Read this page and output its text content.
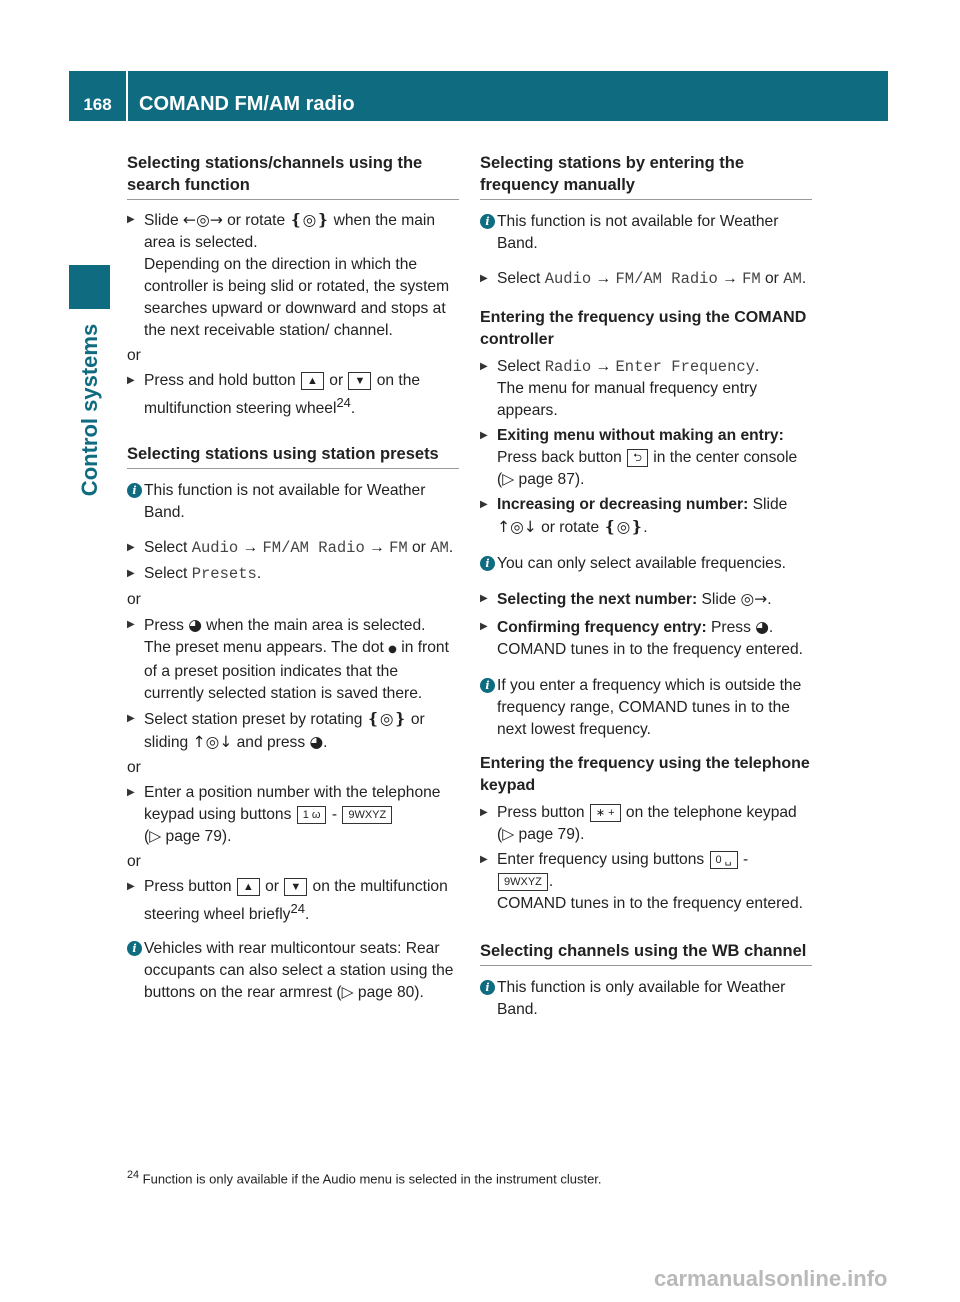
168	COMAND FM/AM radio
Control systems
Selecting stations/channels using the search function

▶ Slide ←◎→ or rotate ❴◎❵ when the main area is selected.
Depending on the direction in which the controller is being slid or rotated, the system searches upward or downward and stops at the next receivable station/ channel.

or

▶ Press and hold button ▲ or ▼ on the multifunction steering wheel$^{24}$.

Selecting stations using station presets

i This function is not available for Weather Band.

▶ Select Audio → FM/AM Radio → FM or AM.

▶ Select Presets.

or

▶ Press ◕ when the main area is selected.
The preset menu appears. The dot ● in front of a preset position indicates that the currently selected station is saved there.

▶ Select station preset by rotating ❴◎❵ or sliding ↑◎↓ and press ◕.

or

▶ Enter a position number with the telephone keypad using buttons 1 ω - 9WXYZ
(▷ page 79).

or

▶ Press button ▲ or ▼ on the multifunction steering wheel briefly$^{24}$.

i Vehicles with rear multicontour seats: Rear occupants can also select a station using the buttons on the rear armrest (▷ page 80).

Selecting stations by entering the frequency manually

i This function is not available for Weather Band.

▶ Select Audio → FM/AM Radio → FM or AM.

Entering the frequency using the COMAND controller

▶ Select Radio → Enter Frequency.
The menu for manual frequency entry appears.

▶ Exiting menu without making an entry:
Press back button ⮌ in the center console (▷ page 87).

▶ Increasing or decreasing number: Slide
↑◎↓ or rotate ❴◎❵.

i You can only select available frequencies.

▶ Selecting the next number: Slide ◎→.

▶ Confirming frequency entry: Press ◕.
COMAND tunes in to the frequency entered.

i If you enter a frequency which is outside the frequency range, COMAND tunes in to the next lowest frequency.

Entering the frequency using the telephone keypad

▶ Press button ∗ + on the telephone keypad (▷ page 79).

▶ Enter frequency using buttons 0 ␣ -
9WXYZ .
COMAND tunes in to the frequency entered.

Selecting channels using the WB channel

i This function is only available for Weather Band.

$^{24}$ Function is only available if the Audio menu is selected in the instrument cluster.
carmanualsonline.info
